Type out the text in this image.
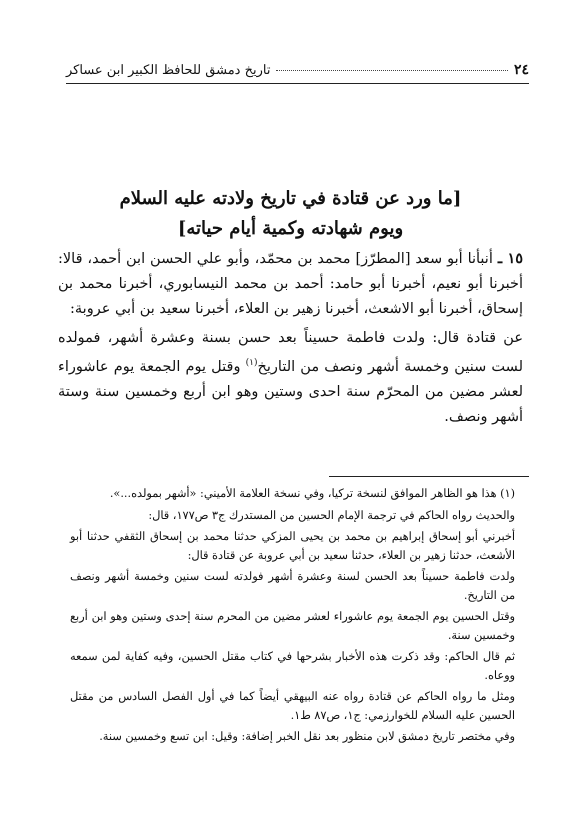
٢٤
تاريخ دمشق للحافظ الكبير ابن عساكر
[ما ورد عن قتادة في تاريخ ولادته عليه السلام
ويوم شهادته وكمية أيام حياته]

١٥ ـ أنبأنا أبو سعد [المطرّز] محمد بن محمّد، وأبو علي الحسن ابن أحمد، قالا: أخبرنا أبو نعيم، أخبرنا أبو حامد: أحمد بن محمد النيسابوري، أخبرنا محمد بن إسحاق، أخبرنا أبو الاشعث، أخبرنا زهير بن العلاء، أخبرنا سعيد بن أبي عروبة:

عن قتادة قال: ولدت فاطمة حسيناً بعد حسن بسنة وعشرة أشهر، فمولده لست سنين وخمسة أشهر ونصف من التاريخ$^{(١)}$ وقتل يوم الجمعة يوم عاشوراء لعشر مضين من المحرّم سنة احدى وستين وهو ابن أربع وخمسين سنة وستة أشهر ونصف.

(١) هذا هو الظاهر الموافق لنسخة تركيا، وفي نسخة العلامة الأميني: «أشهر بمولده...».

والحديث رواه الحاكم في ترجمة الإمام الحسين من المستدرك ج٣ ص١٧٧، قال:

أخبرني أبو إسحاق إبراهيم بن محمد بن يحيى المزكي حدثنا محمد بن إسحاق الثقفي حدثنا أبو الأشعث، حدثنا زهير بن العلاء، حدثنا سعيد بن أبي عروبة عن قتادة قال:

ولدت فاطمة حسيناً بعد الحسن لسنة وعشرة أشهر فولدته لست سنين وخمسة أشهر ونصف من التاريخ.

وقتل الحسين يوم الجمعة يوم عاشوراء لعشر مضين من المحرم سنة إحدى وستين وهو ابن أربع وخمسين سنة.

ثم قال الحاكم: وقد ذكرت هذه الأخبار بشرحها في كتاب مقتل الحسين، وفيه كفاية لمن سمعه ووعاه.

ومثل ما رواه الحاكم عن قتادة رواه عنه البيهقي أيضاً كما في أول الفصل السادس من مقتل الحسين عليه السلام للخوارزمي: ج١، ص٨٧ ط١.

وفي مختصر تاريخ دمشق لابن منظور بعد نقل الخبر إضافة: وقيل: ابن تسع وخمسين سنة.
